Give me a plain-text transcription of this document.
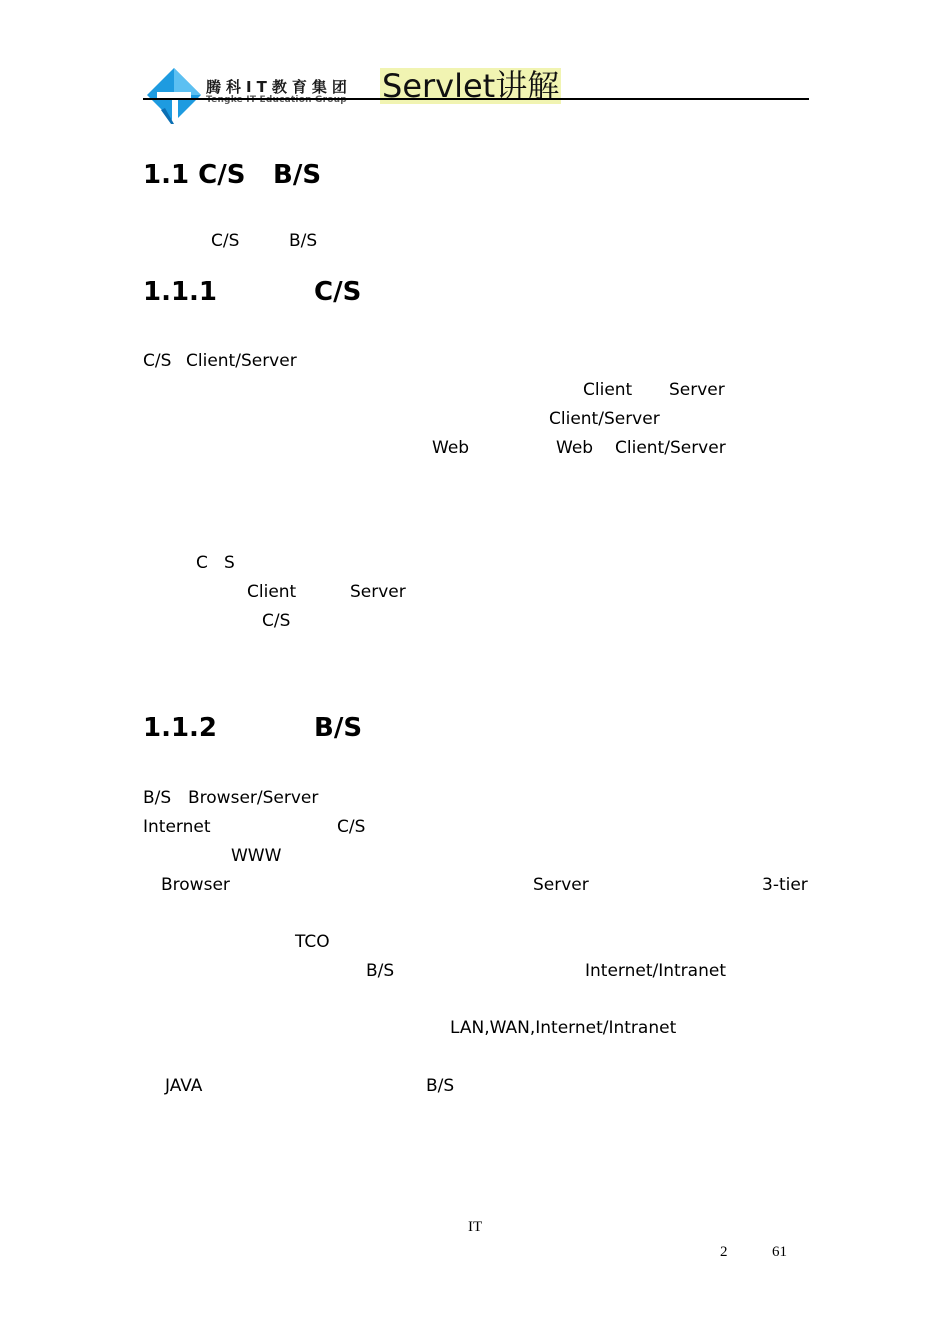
腾科IT教育集团
Tengke IT Education Group Servlet讲解
1.1 C/S B/S
C/S	B/S
1.1.1	C/S
C/S Client/Server
Client Server
Client/Server
Web	Web Client/Server
C S
Client	Server
C/S
1.1.2	B/S
B/S Browser/Server
Internet	C/S
WWW
Browser	Server	3-tier
TCO
B/S	Internet/Intranet
LAN,WAN,Internet/Intranet
JAVA	B/S
IT
2	61
